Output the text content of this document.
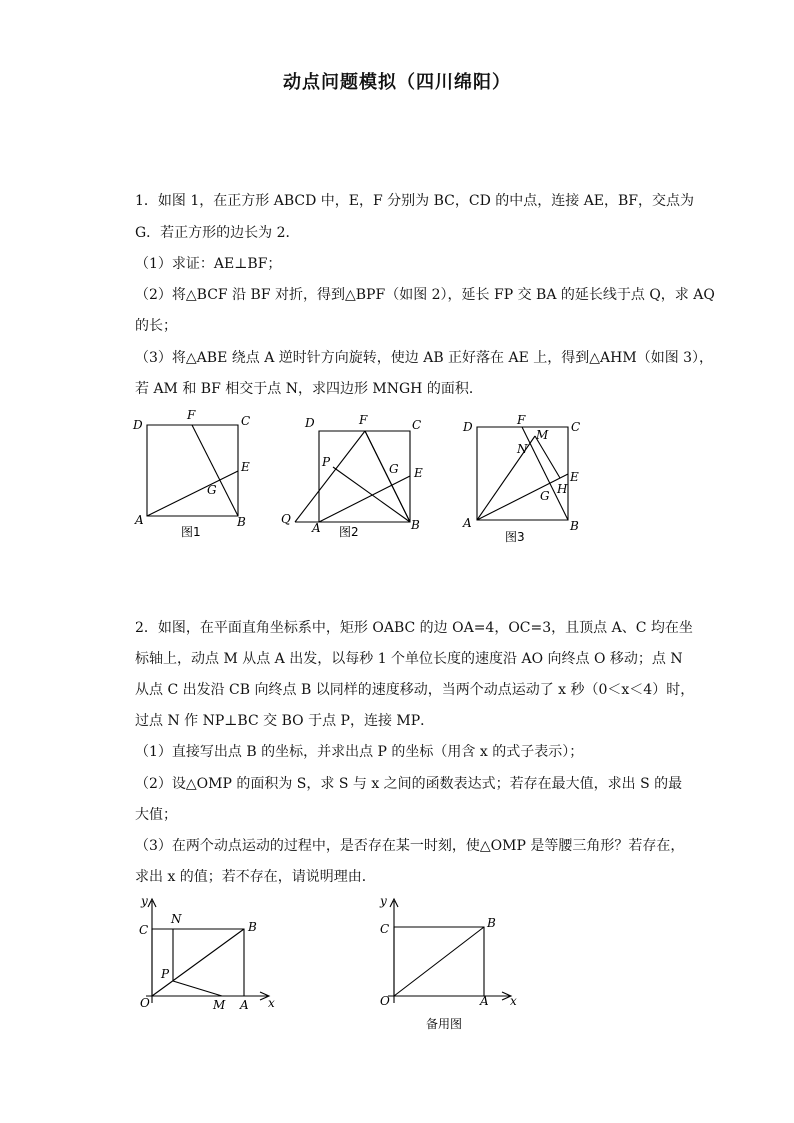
动点问题模拟（四川绵阳）
1．如图 1，在正方形 ABCD 中，E，F 分别为 BC，CD 的中点，连接 AE，BF，交点为
G．若正方形的边长为 2．
（1）求证：AE⊥BF；
（2）将△BCF 沿 BF 对折，得到△BPF（如图 2），延长 FP 交 BA 的延长线于点 Q，求 AQ
的长；
（3）将△ABE 绕点 A 逆时针方向旋转，使边 AB 正好落在 AE 上，得到△AHM（如图 3），
若 AM 和 BF 相交于点 N，求四边形 MNGH 的面积．
D
F	C
E
G
A	B
图1
D	F	C
P	G E
Q
A	B
图2
D	F
M
C
N
E
H
G
A	B
图3
2．如图，在平面直角坐标系中，矩形 OABC 的边 OA=4，OC=3，且顶点 A、C 均在坐
标轴上，动点 M 从点 A 出发，以每秒 1 个单位长度的速度沿 AO 向终点 O 移动；点 N
从点 C 出发沿 CB 向终点 B 以同样的速度移动，当两个动点运动了 x 秒（0＜x＜4）时，
过点 N 作 NP⊥BC 交 BO 于点 P，连接 MP．
（1）直接写出点 B 的坐标，并求出点 P 的坐标（用含 x 的式子表示）；
（2）设△OMP 的面积为 S，求 S 与 x 之间的函数表达式；若存在最大值，求出 S 的最
大值；
（3）在两个动点运动的过程中，是否存在某一时刻，使△OMP 是等腰三角形？若存在，
求出 x 的值；若不存在，请说明理由．
y
N
B
C
P
O	M A x
y
C	B
O	A x
备用图
